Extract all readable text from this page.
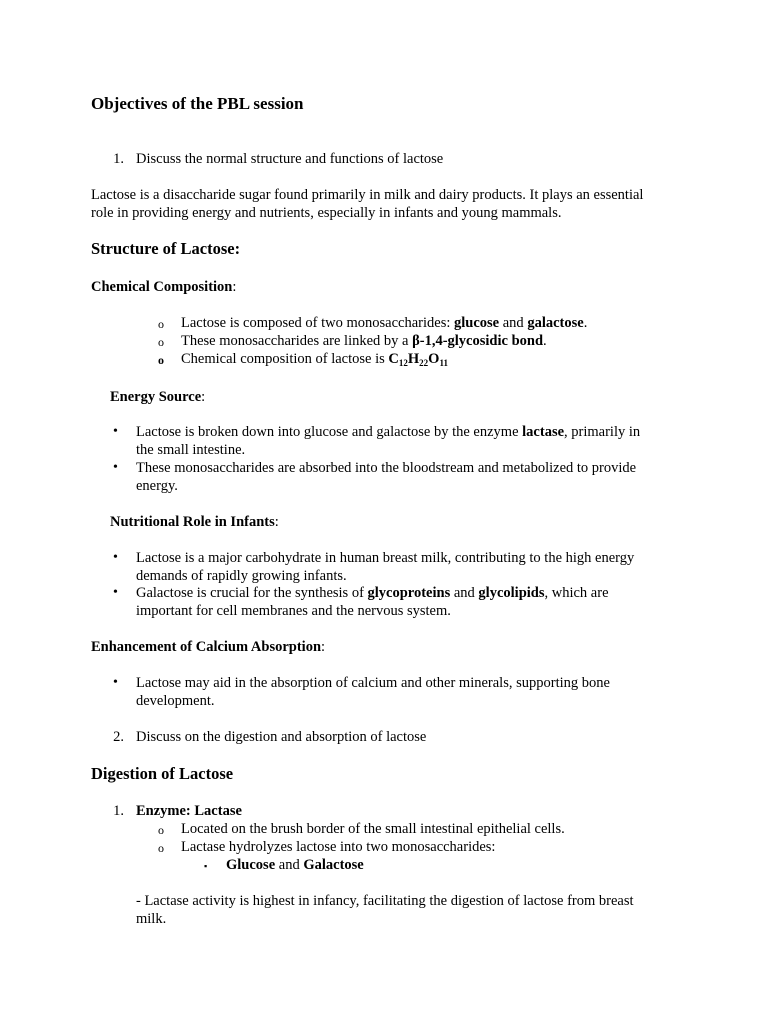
Objectives of the PBL session
1. Discuss the normal structure and functions of lactose
Lactose is a disaccharide sugar found primarily in milk and dairy products. It plays an essential
role in providing energy and nutrients, especially in infants and young mammals.
Structure of Lactose:
Chemical Composition:
o Lactose is composed of two monosaccharides: glucose and galactose.
o These monosaccharides are linked by a β-1,4-glycosidic bond.
o Chemical composition of lactose is $C_{12}H_{22}O_{11}$
Energy Source:
• Lactose is broken down into glucose and galactose by the enzyme lactase, primarily in
the small intestine.
• These monosaccharides are absorbed into the bloodstream and metabolized to provide
energy.
Nutritional Role in Infants:
• Lactose is a major carbohydrate in human breast milk, contributing to the high energy
demands of rapidly growing infants.
• Galactose is crucial for the synthesis of glycoproteins and glycolipids, which are
important for cell membranes and the nervous system.
Enhancement of Calcium Absorption:
• Lactose may aid in the absorption of calcium and other minerals, supporting bone
development.
2. Discuss on the digestion and absorption of lactose
Digestion of Lactose
1. Enzyme: Lactase
o Located on the brush border of the small intestinal epithelial cells.
o Lactase hydrolyzes lactose into two monosaccharides:
▪ Glucose and Galactose
- Lactase activity is highest in infancy, facilitating the digestion of lactose from breast
milk.
